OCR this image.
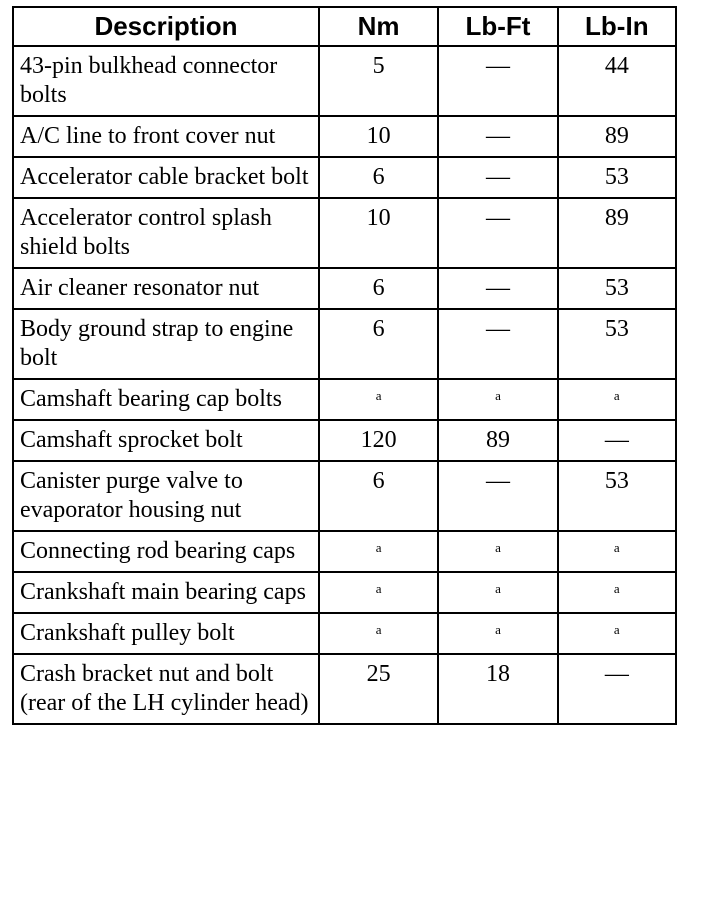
Description	Nm	Lb-Ft	Lb-In
43-pin bulkhead connector bolts	5	—	44
A/C line to front cover nut	10	—	89
Accelerator cable bracket bolt	6	—	53
Accelerator control splash shield bolts	10	—	89
Air cleaner resonator nut	6	—	53
Body ground strap to engine bolt	6	—	53
Camshaft bearing cap bolts	$^a$	$^a$	$^a$
Camshaft sprocket bolt	120	89	—
Canister purge valve to evaporator housing nut	6	—	53
Connecting rod bearing caps	$^a$	$^a$	$^a$
Crankshaft main bearing caps	$^a$	$^a$	$^a$
Crankshaft pulley bolt	$^a$	$^a$	$^a$
Crash bracket nut and bolt (rear of the LH cylinder head)	25	18	—
